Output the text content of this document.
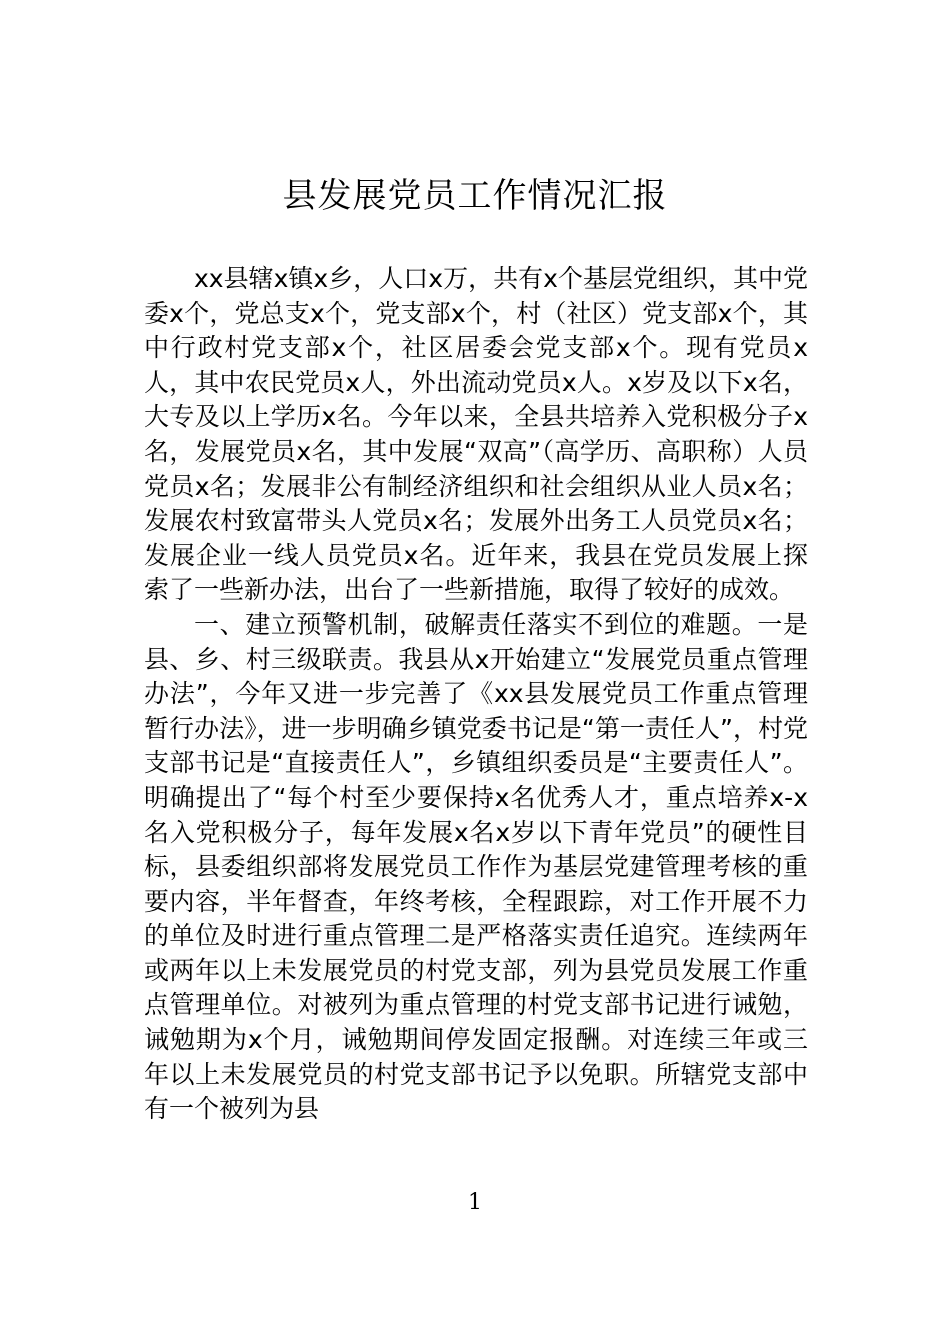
县发展党员工作情况汇报

xx县辖x镇x乡，人口x万，共有x个基层党组织，其中党委x个，党总支x个，党支部x个，村（社区）党支部x个，其中行政村党支部x个，社区居委会党支部x个。现有党员x人，其中农民党员x人，外出流动党员x人。x岁及以下x名，大专及以上学历x名。今年以来，全县共培养入党积极分子x名，发展党员x名，其中发展“双高”（高学历、高职称）人员党员x名；发展非公有制经济组织和社会组织从业人员x名；发展农村致富带头人党员x名；发展外出务工人员党员x名；发展企业一线人员党员x名。近年来，我县在党员发展上探索了一些新办法，出台了一些新措施，取得了较好的成效。

一、建立预警机制，破解责任落实不到位的难题。一是县、乡、村三级联责。我县从x开始建立“发展党员重点管理办法”，今年又进一步完善了《xx县发展党员工作重点管理暂行办法》，进一步明确乡镇党委书记是“第一责任人”，村党支部书记是“直接责任人”，乡镇组织委员是“主要责任人”。明确提出了“每个村至少要保持x名优秀人才，重点培养x-x名入党积极分子，每年发展x名x岁以下青年党员”的硬性目标，县委组织部将发展党员工作作为基层党建管理考核的重要内容，半年督查，年终考核，全程跟踪，对工作开展不力的单位及时进行重点管理二是严格落实责任追究。连续两年或两年以上未发展党员的村党支部，列为县党员发展工作重点管理单位。对被列为重点管理的村党支部书记进行诫勉，诫勉期为x个月，诫勉期间停发固定报酬。对连续三年或三年以上未发展党员的村党支部书记予以免职。所辖党支部中有一个被列为县

1
